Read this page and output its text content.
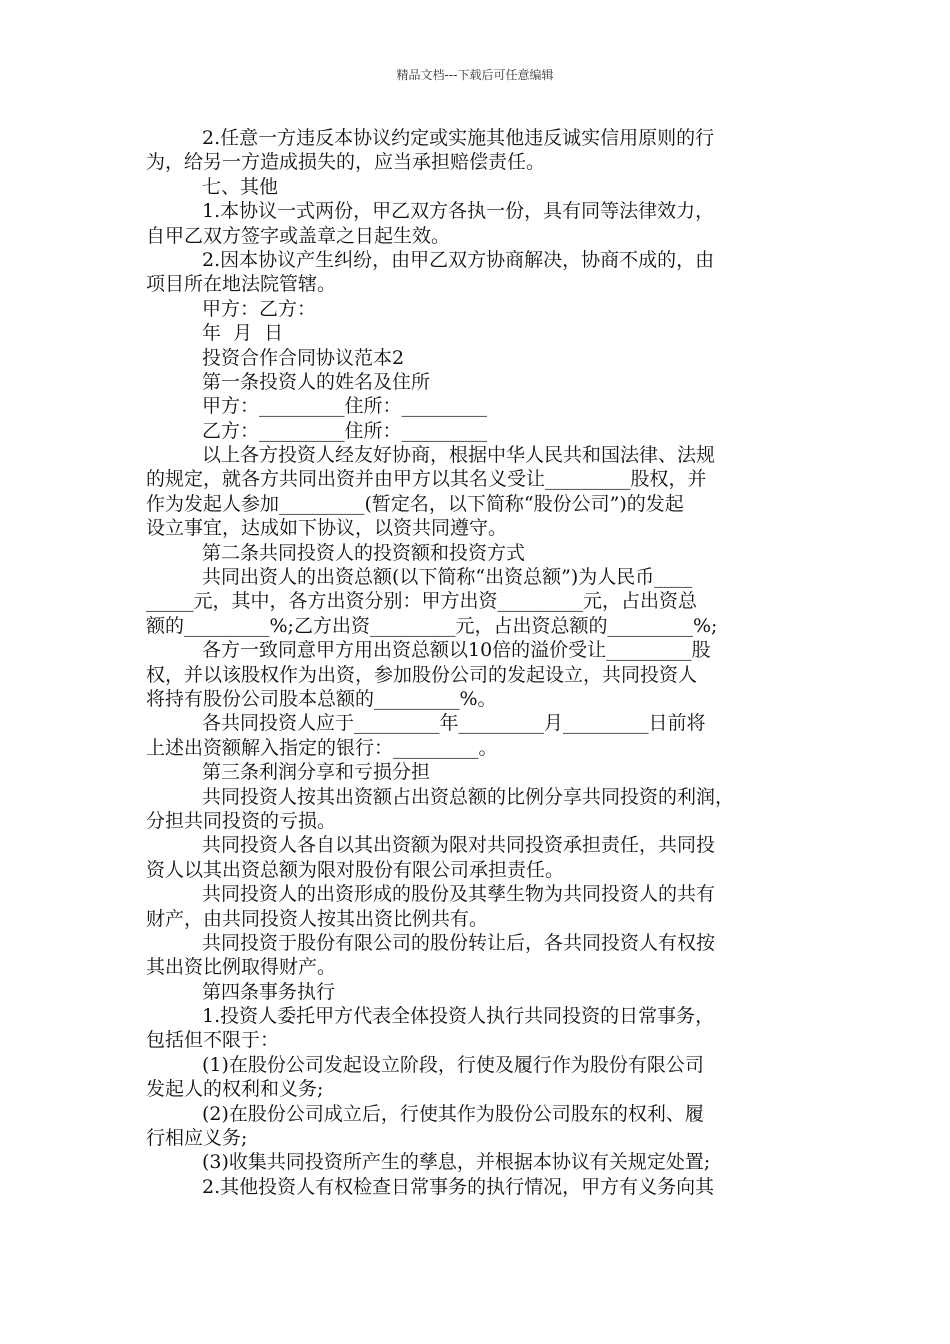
精品文档---下载后可任意编辑
2.任意一方违反本协议约定或实施其他违反诚实信用原则的行
为，给另一方造成损失的，应当承担赔偿责任。
七、其他
1.本协议一式两份，甲乙双方各执一份，具有同等法律效力，
自甲乙双方签字或盖章之日起生效。
2.因本协议产生纠纷，由甲乙双方协商解决，协商不成的，由
项目所在地法院管辖。
甲方：乙方：
年  月  日
投资合作合同协议范本2
第一条投资人的姓名及住所
甲方：_________住所：_________
乙方：_________住所：_________
以上各方投资人经友好协商，根据中华人民共和国法律、法规
的规定，就各方共同出资并由甲方以其名义受让_________股权，并
作为发起人参加_________(暂定名，以下简称“股份公司”)的发起
设立事宜，达成如下协议，以资共同遵守。
第二条共同投资人的投资额和投资方式
共同出资人的出资总额(以下简称“出资总额”)为人民币____
_____元，其中，各方出资分别：甲方出资_________元，占出资总
额的_________%;乙方出资_________元，占出资总额的_________%;
各方一致同意甲方用出资总额以10倍的溢价受让_________股
权，并以该股权作为出资，参加股份公司的发起设立，共同投资人
将持有股份公司股本总额的_________%。
各共同投资人应于_________年_________月_________日前将
上述出资额解入指定的银行：_________。
第三条利润分享和亏损分担
共同投资人按其出资额占出资总额的比例分享共同投资的利润，
分担共同投资的亏损。
共同投资人各自以其出资额为限对共同投资承担责任，共同投
资人以其出资总额为限对股份有限公司承担责任。
共同投资人的出资形成的股份及其孳生物为共同投资人的共有
财产，由共同投资人按其出资比例共有。
共同投资于股份有限公司的股份转让后，各共同投资人有权按
其出资比例取得财产。
第四条事务执行
1.投资人委托甲方代表全体投资人执行共同投资的日常事务，
包括但不限于：
(1)在股份公司发起设立阶段，行使及履行作为股份有限公司
发起人的权利和义务;
(2)在股份公司成立后，行使其作为股份公司股东的权利、履
行相应义务;
(3)收集共同投资所产生的孳息，并根据本协议有关规定处置;
2.其他投资人有权检查日常事务的执行情况，甲方有义务向其
